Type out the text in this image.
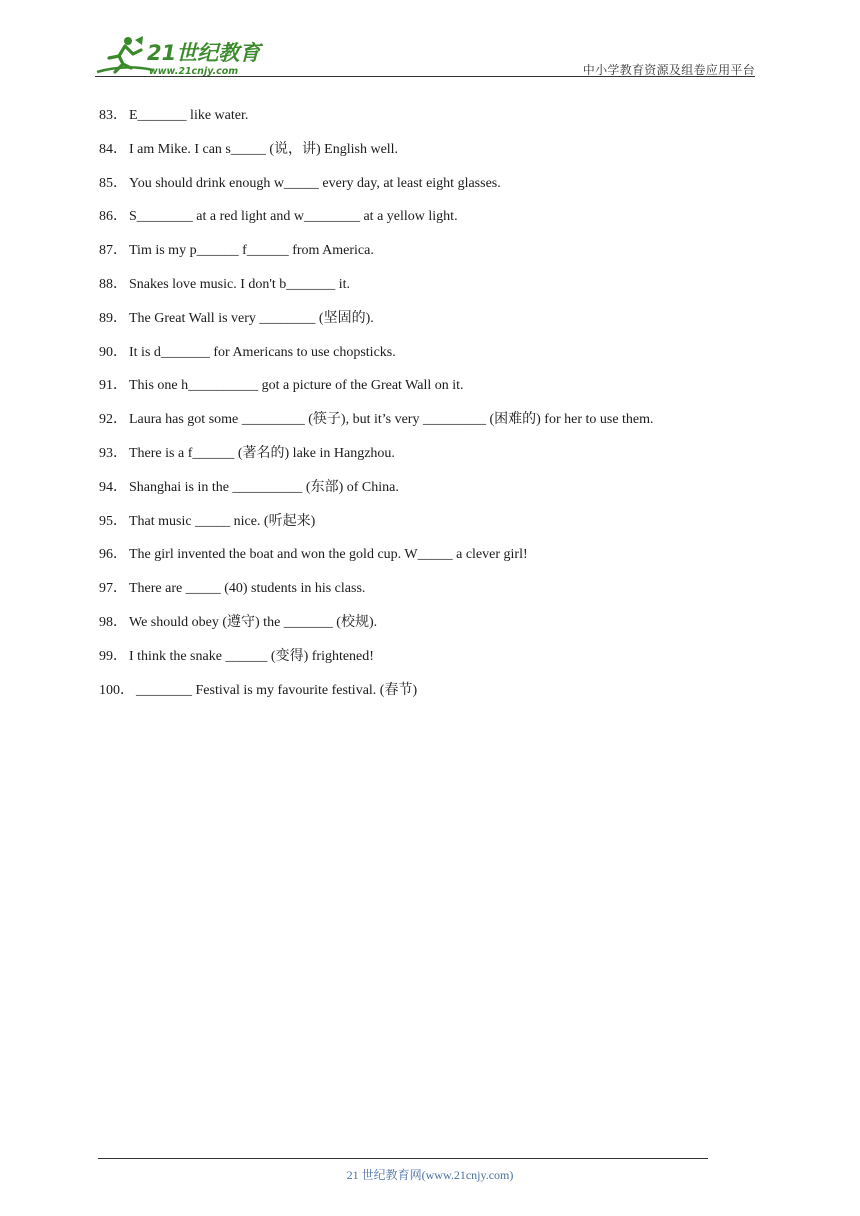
21世纪教育
www.21cnjy.com	中小学教育资源及组卷应用平台
83． E_______ like water.
84． I am Mike. I can s_____ (说，讲) English well.
85． You should drink enough w_____ every day, at least eight glasses.
86． S________ at a red light and w________ at a yellow light.
87． Tim is my p______ f______ from America.
88． Snakes love music. I don't b_______ it.
89． The Great Wall is very ________ (坚固的).
90． It is d_______ for Americans to use chopsticks.
91． This one h__________ got a picture of the Great Wall on it.
92． Laura has got some _________ (筷子), but it’s very _________ (困难的) for her to use them.
93． There is a f______ (著名的) lake in Hangzhou.
94． Shanghai is in the __________ (东部) of China.
95． That music _____ nice. (听起来)
96． The girl invented the boat and won the gold cup. W_____ a clever girl!
97． There are _____ (40) students in his class.
98． We should obey (遵守) the _______ (校规).
99． I think the snake ______ (变得) frightened!
100． ________ Festival is my favourite festival. (春节)
21 世纪教育网(www.21cnjy.com)
